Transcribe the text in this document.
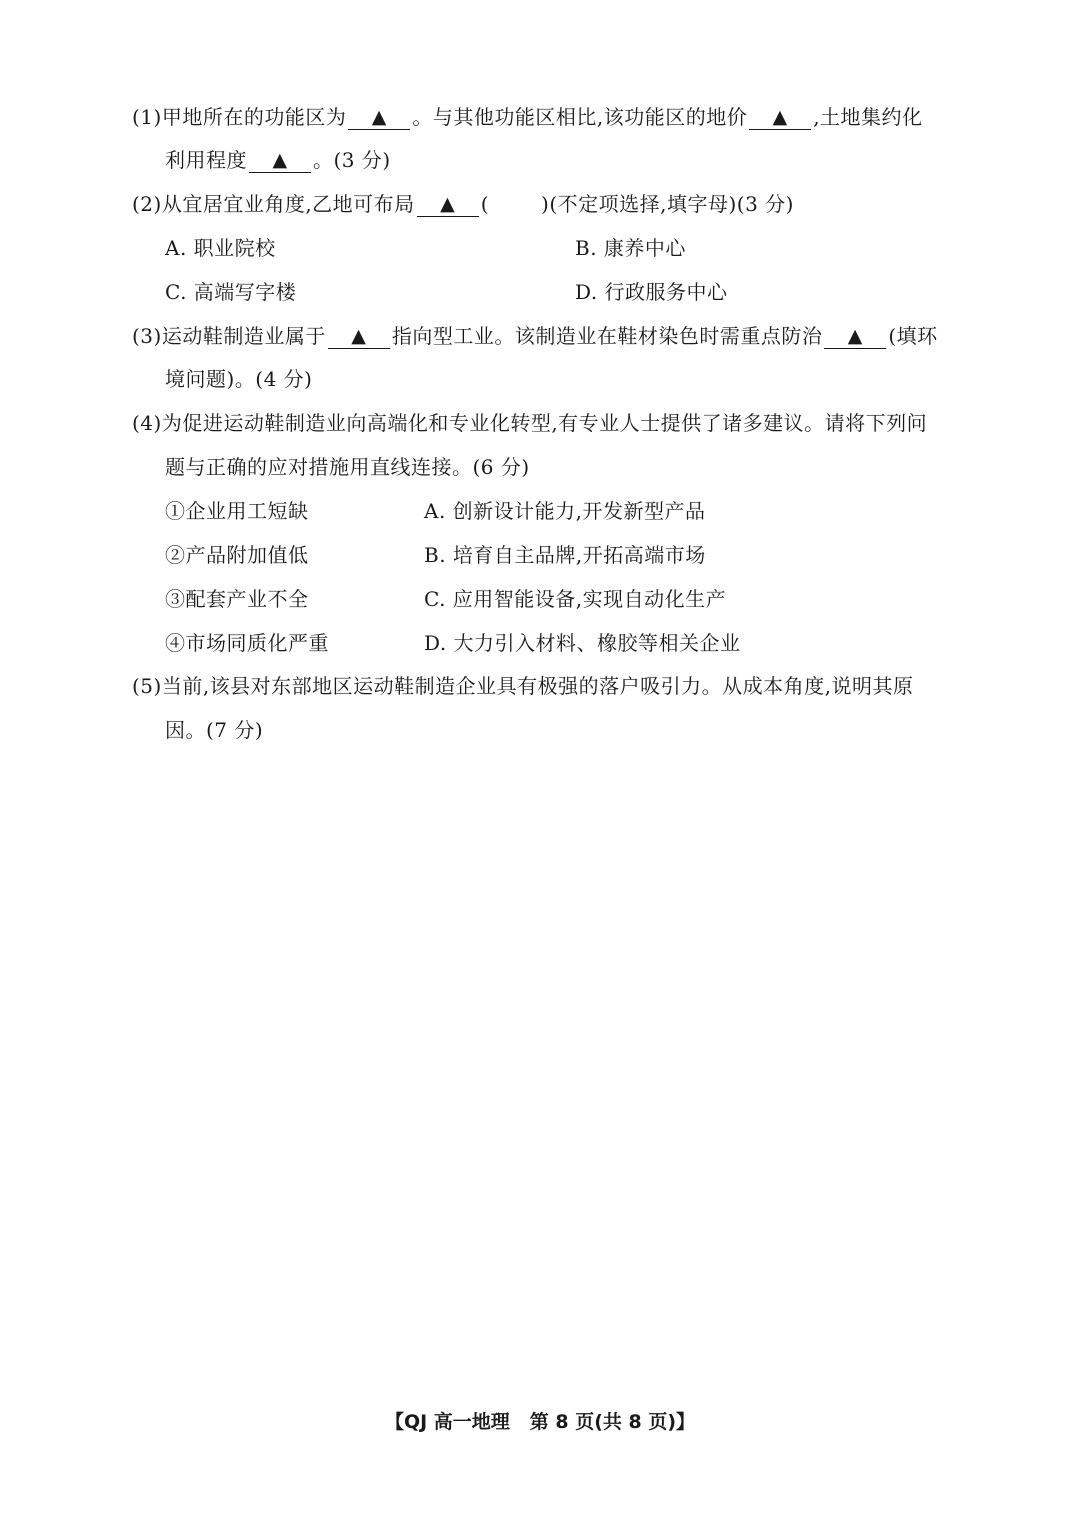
(1)甲地所在的功能区为 ▲ 。与其他功能区相比,该功能区的地价 ▲ ,土地集约化
利用程度 ▲ 。(3 分)
(2)从宜居宜业角度,乙地可布局 ▲ (	)(不定项选择,填字母)(3 分)
A. 职业院校	B. 康养中心
C. 高端写字楼	D. 行政服务中心
(3)运动鞋制造业属于 ▲ 指向型工业。该制造业在鞋材染色时需重点防治 ▲ (填环
境问题)。(4 分)
(4)为促进运动鞋制造业向高端化和专业化转型,有专业人士提供了诸多建议。请将下列问
题与正确的应对措施用直线连接。(6 分)
①企业用工短缺	A. 创新设计能力,开发新型产品
②产品附加值低	B. 培育自主品牌,开拓高端市场
③配套产业不全	C. 应用智能设备,实现自动化生产
④市场同质化严重	D. 大力引入材料、橡胶等相关企业
(5)当前,该县对东部地区运动鞋制造企业具有极强的落户吸引力。从成本角度,说明其原
因。(7 分)
【QJ 高一地理 第 8 页(共 8 页)】
